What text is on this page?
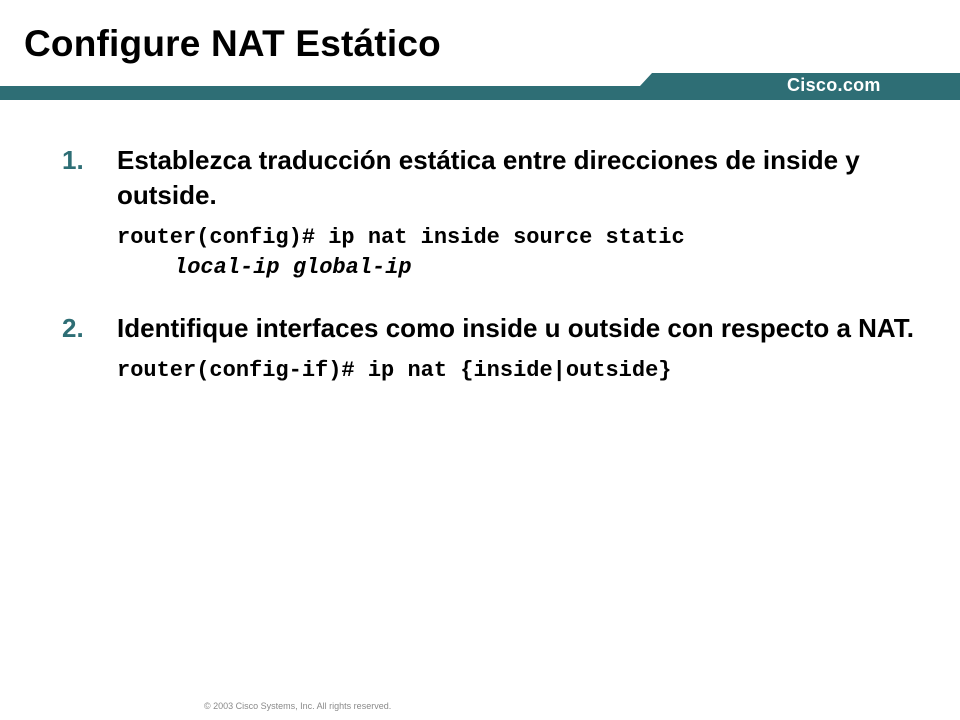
Configure NAT Estático
Cisco.com
1. Establezca traducción estática entre direcciones de inside y outside.
router(config)# ip nat inside source static
local-ip global-ip
2. Identifique interfaces como inside u outside con respecto a NAT.
router(config-if)# ip nat {inside|outside}
© 2003 Cisco Systems, Inc. All rights reserved.
